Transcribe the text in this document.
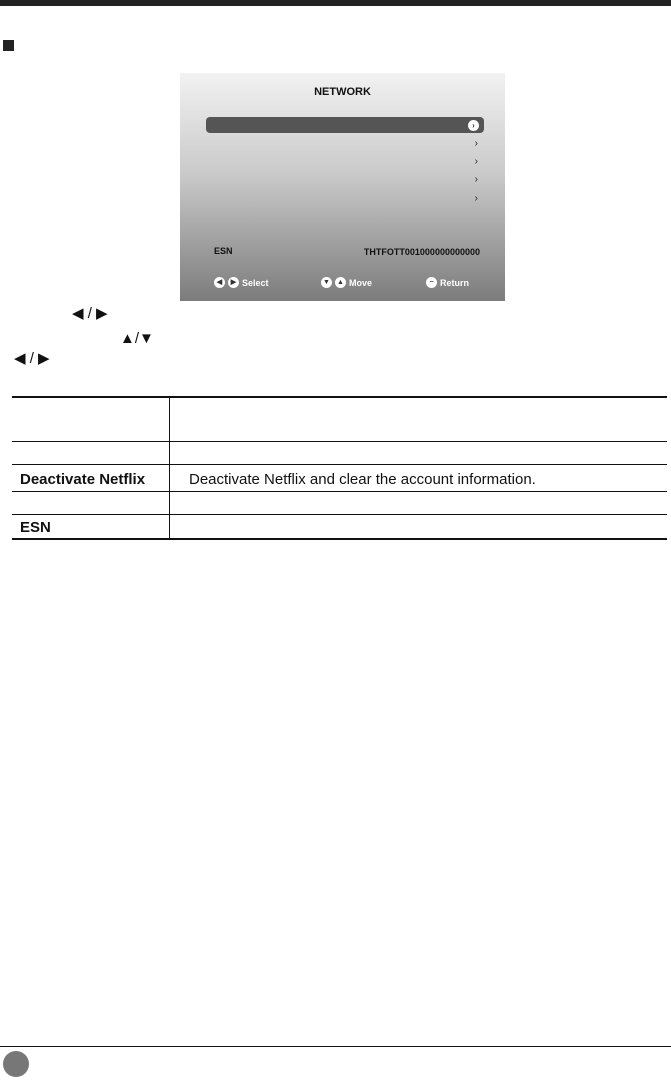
NETWORK
›
›
›
›
›
ESN	THTFOTT001000000000000
◀	▶ Select	▼ ▲ Move	− Return
◀ / ▶
▲/▼
◀ / ▶
Deactivate Netflix	Deactivate Netflix and clear the account information.
ESN
